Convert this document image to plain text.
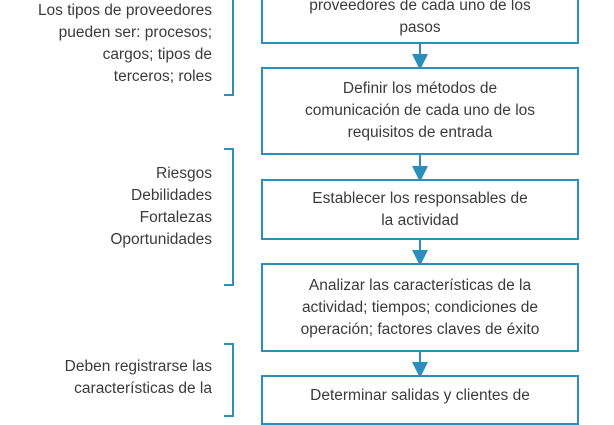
Los tipos de proveedores
pueden ser: procesos;
cargos; tipos de
terceros; roles
Riesgos
Debilidades
Fortalezas
Oportunidades
Deben registrarse las
características de la
proveedores de cada uno de los
pasos
Definir los métodos de
comunicación de cada uno de los
requisitos de entrada
Establecer los responsables de
la actividad
Analizar las características de la
actividad; tiempos; condiciones de
operación; factores claves de éxito
Determinar salidas y clientes de
